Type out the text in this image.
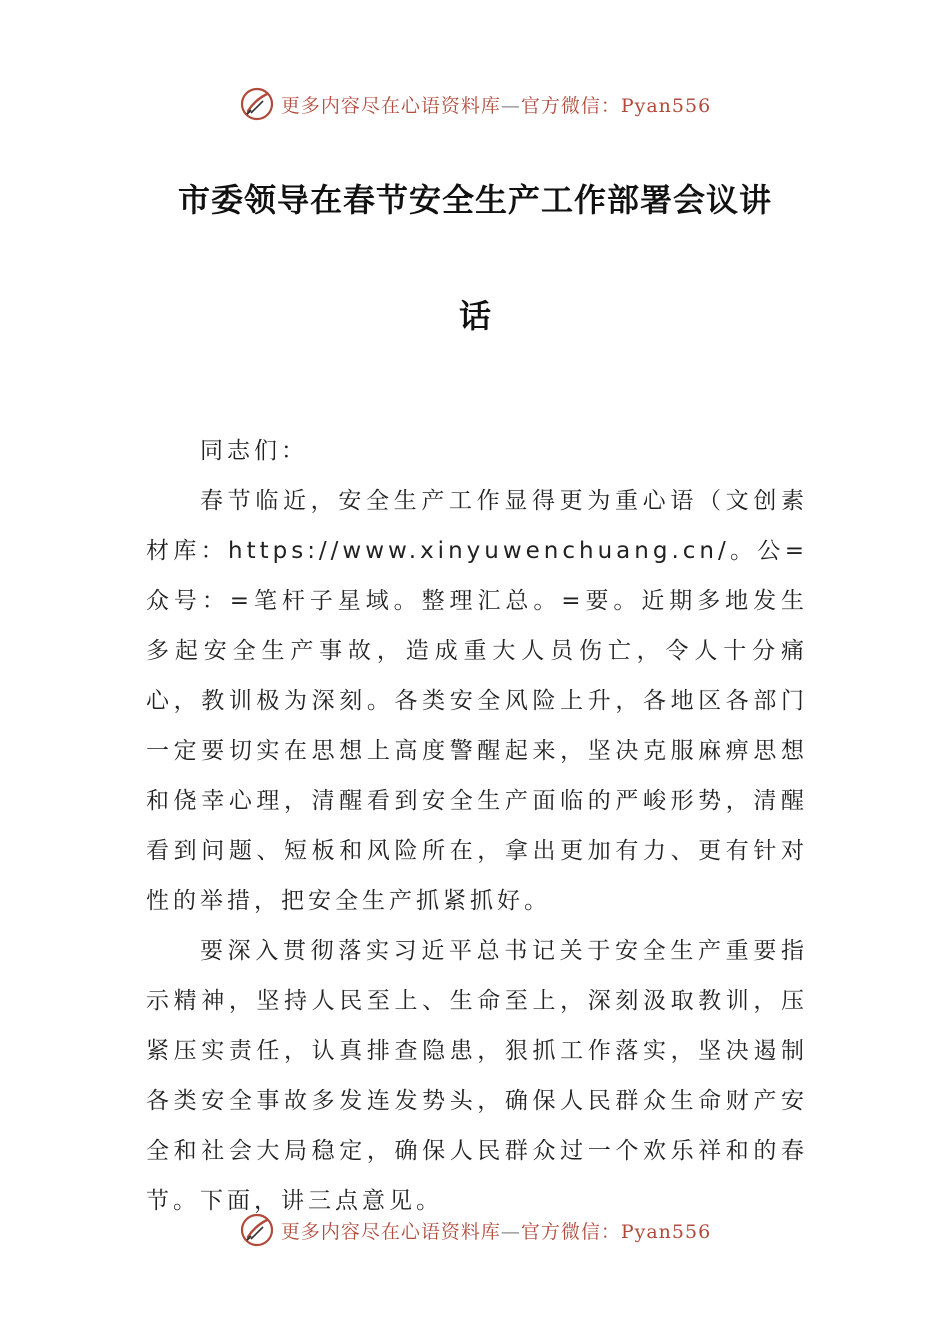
更多内容尽在心语资料库—官方微信：Pyan556
市委领导在春节安全生产工作部署会议讲
话

同志们：

春节临近，安全生产工作显得更为重心语（文创素材库：https://www.xinyuwenchuang.cn/。公=众号：=笔杆子星域。整理汇总。=要。近期多地发生多起安全生产事故，造成重大人员伤亡，令人十分痛心，教训极为深刻。各类安全风险上升，各地区各部门一定要切实在思想上高度警醒起来，坚决克服麻痹思想和侥幸心理，清醒看到安全生产面临的严峻形势，清醒看到问题、短板和风险所在，拿出更加有力、更有针对性的举措，把安全生产抓紧抓好。

要深入贯彻落实习近平总书记关于安全生产重要指示精神，坚持人民至上、生命至上，深刻汲取教训，压紧压实责任，认真排查隐患，狠抓工作落实，坚决遏制各类安全事故多发连发势头，确保人民群众生命财产安全和社会大局稳定，确保人民群众过一个欢乐祥和的春节。下面，讲三点意见。

更多内容尽在心语资料库—官方微信：Pyan556
